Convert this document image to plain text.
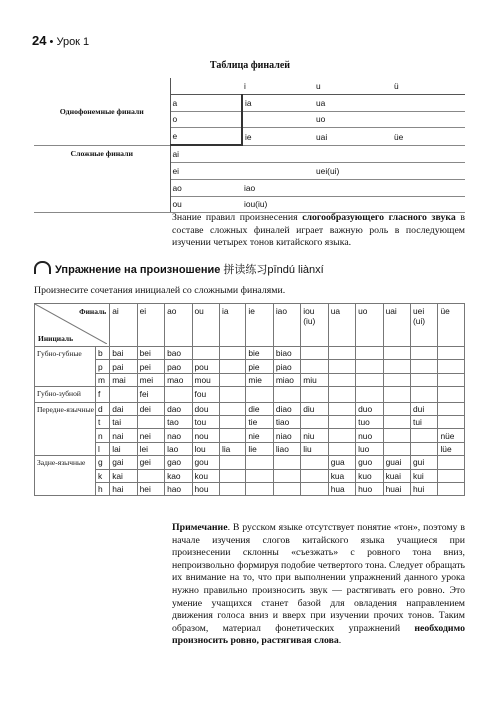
24 • Урок 1
Таблица финалей
Однофонемные финали		i	u	ü
	a	ia	ua	
	o		uo	
	e	ie	uai	üe
Сложные финали	ai			
	ei		uei(ui)	
	ao	iao		
	ou	iou(iu)		
Знание правил произнесения слогообразующего гласного звука в составе сложных финалей играет важную роль в последующем изучении четырех тонов китайского языка.
Упражнение на произношение 拼读练习pīndú liànxí
Произнесите сочетания инициалей со сложными финалями.
Финаль
Инициаль		ai	ei	ao	ou	ia	ie	iao	iou (iu)	ua	uo	uai	uei (ui)	üe
Губно-губные	b	bai	bei	bao			bie	biao						
	p	pai	pei	pao	pou		pie	piao						
	m	mai	mei	mao	mou		mie	miao	miu					
Губно-зубной	f		fei		fou									
Передне-язычные	d	dai	dei	dao	dou		die	diao	diu		duo		dui	
	t	tai		tao	tou		tie	tiao			tuo		tui	
	n	nai	nei	nao	nou		nie	niao	niu		nuo			nüe
	l	lai	lei	lao	lou	lia	lie	liao	liu		luo			lüe
Задне-язычные	g	gai	gei	gao	gou					gua	guo	guai	gui	
	k	kai		kao	kou					kua	kuo	kuai	kui	
	h	hai	hei	hao	hou					hua	huo	huai	hui	
Примечание. В русском языке отсутствует понятие «тон», поэтому в начале изучения слогов китайского языка учащиеся при произнесении склонны «съезжать» с ровного тона вниз, непроизвольно формируя подобие четвертого тона. Следует обращать их внимание на то, что при выполнении упражнений данного урока нужно правильно произносить звук — растягивать его ровно. Это умение учащихся станет базой для овладения направлением движения голоса вниз и вверх при изучении прочих тонов. Таким образом, материал фонетических упражнений необходимо произносить ровно, растягивая слова.
